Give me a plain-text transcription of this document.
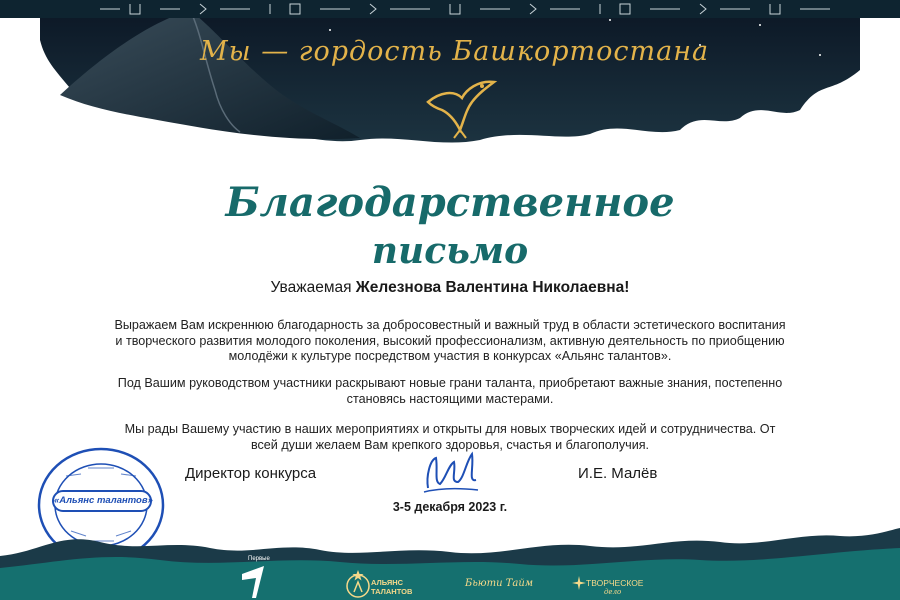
Мы — гордость Башкортостана
Благодарственное
письмо
Уважаемая Железнова Валентина Николаевна!
Выражаем Вам искреннюю благодарность за добросовестный и важный труд в области эстетического воспитания и творческого развития молодого поколения, высокий профессионализм, активную деятельность по приобщению молодёжи к культуре посредством участия в конкурсах «Альянс талантов».
Под Вашим руководством участники раскрывают новые грани таланта, приобретают важные знания, постепенно становясь настоящими мастерами.
Мы рады Вашему участию в наших мероприятиях и открыты для новых творческих идей и сотрудничества. От всей души желаем Вам крепкого здоровья, счастья и благополучия.
Директор конкурса	И.Е. Малёв
3-5 декабря 2023 г.
«Альянс талантов»
Первые
АЛЬЯНС
ТАЛАНТОВ
Бьюти Тайм	ТВОРЧЕСКОЕ
дело
